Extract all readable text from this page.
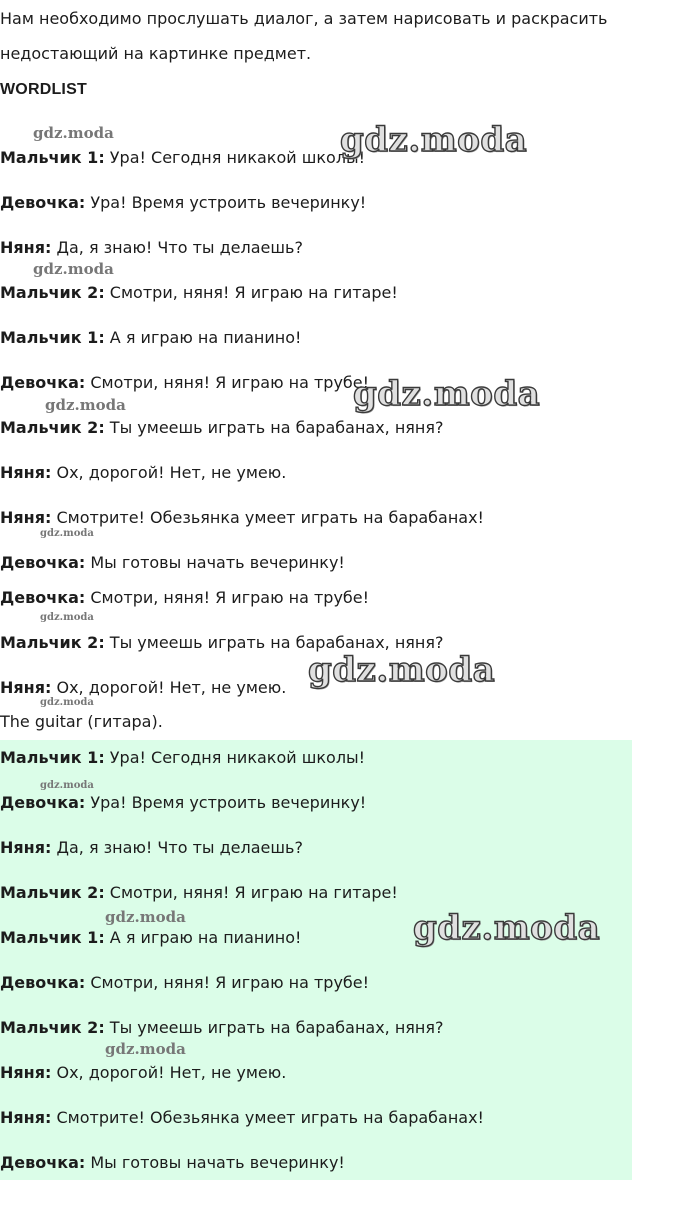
Нам необходимо прослушать диалог, а затем нарисовать и раскрасить
недостающий на картинке предмет.
WORDLIST
Мальчик 1: Ура! Сегодня никакой школы!
Девочка: Ура! Время устроить вечеринку!
Няня: Да, я знаю! Что ты делаешь?
Мальчик 2: Смотри, няня! Я играю на гитаре!
Мальчик 1: А я играю на пианино!
Девочка: Смотри, няня! Я играю на трубе!
Мальчик 2: Ты умеешь играть на барабанах, няня?
Няня: Ох, дорогой! Нет, не умею.
Няня: Смотрите! Обезьянка умеет играть на барабанах!
Девочка: Мы готовы начать вечеринку!
Девочка: Смотри, няня! Я играю на трубе!
Мальчик 2: Ты умеешь играть на барабанах, няня?
Няня: Ох, дорогой! Нет, не умею.
The guitar (гитара).
Мальчик 1: Ура! Сегодня никакой школы!
Девочка: Ура! Время устроить вечеринку!
Няня: Да, я знаю! Что ты делаешь?
Мальчик 2: Смотри, няня! Я играю на гитаре!
Мальчик 1: А я играю на пианино!
Девочка: Смотри, няня! Я играю на трубе!
Мальчик 2: Ты умеешь играть на барабанах, няня?
Няня: Ох, дорогой! Нет, не умею.
Няня: Смотрите! Обезьянка умеет играть на барабанах!
Девочка: Мы готовы начать вечеринку!
gdz.moda	gdz.moda
gdz.moda
gdz.moda
gdz.moda
gdz.moda
gdz.moda
gdz.moda
gdz.moda
gdz.moda
gdz.moda	gdz.moda
gdz.moda
